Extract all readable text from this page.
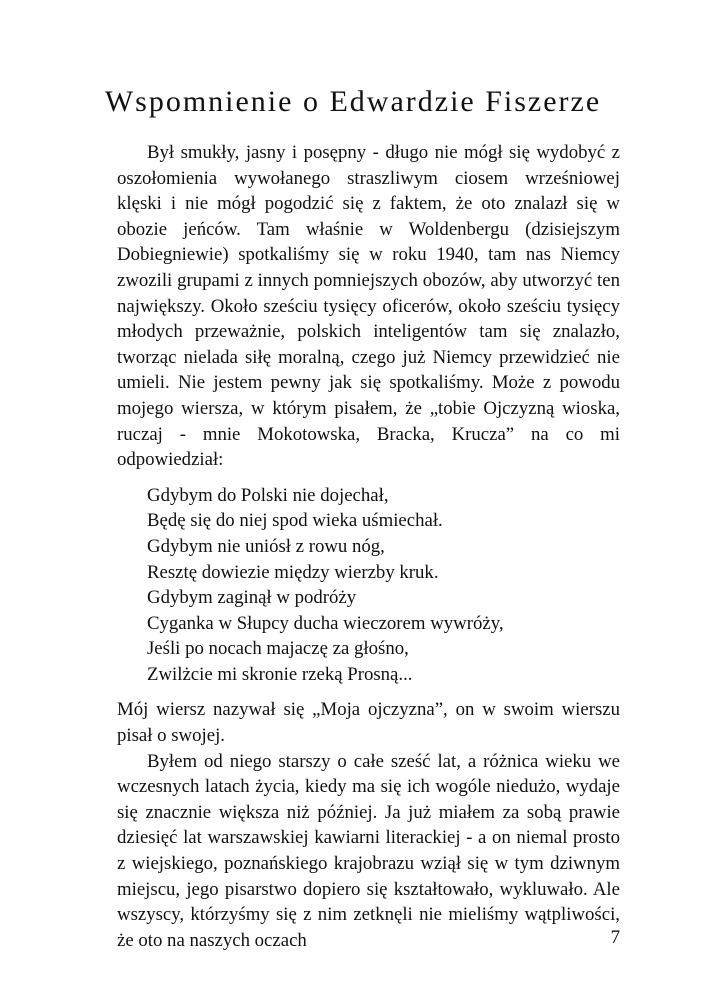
Wspomnienie o Edwardzie Fiszerze

Był smukły, jasny i posępny - długo nie mógł się wydobyć z oszołomienia wywołanego straszliwym ciosem wrześniowej klęski i nie mógł pogodzić się z faktem, że oto znalazł się w obozie jeńców. Tam właśnie w Woldenbergu (dzisiejszym Dobiegniewie) spotkaliśmy się w roku 1940, tam nas Niemcy zwozili grupami z innych pomniejszych obozów, aby utworzyć ten największy. Około sześciu tysięcy oficerów, około sześciu tysięcy młodych przeważnie, polskich inteligentów tam się znalazło, tworząc nielada siłę moralną, czego już Niemcy przewidzieć nie umieli. Nie jestem pewny jak się spotkaliśmy. Może z powodu mojego wiersza, w którym pisałem, że „tobie Ojczyzną wioska, ruczaj - mnie Mokotowska, Bracka, Krucza” na co mi odpowiedział:

Gdybym do Polski nie dojechał,
Będę się do niej spod wieka uśmiechał.
Gdybym nie uniósł z rowu nóg,
Resztę dowiezie między wierzby kruk.
Gdybym zaginął w podróży
Cyganka w Słupcy ducha wieczorem wywróży,
Jeśli po nocach majaczę za głośno,
Zwilżcie mi skronie rzeką Prosną...

Mój wiersz nazywał się „Moja ojczyzna”, on w swoim wierszu pisał o swojej.

Byłem od niego starszy o całe sześć lat, a różnica wieku we wczesnych latach życia, kiedy ma się ich wogóle niedużo, wydaje się znacznie większa niż później. Ja już miałem za sobą prawie dziesięć lat warszawskiej kawiarni literackiej - a on niemal prosto z wiejskiego, poznańskiego krajobrazu wziął się w tym dziwnym miejscu, jego pisarstwo dopiero się kształtowało, wykluwało. Ale wszyscy, którzyśmy się z nim zetknęli nie mieliśmy wątpliwości, że oto na naszych oczach	7
